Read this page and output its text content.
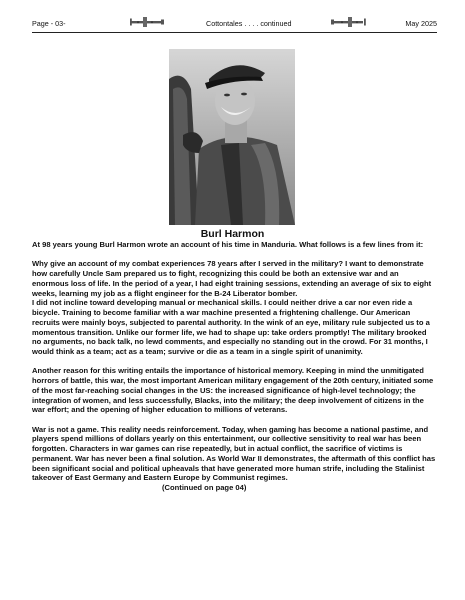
Page - 03-	Cottontales . . . . continued	May 2025
Burl Harmon

At 98 years young Burl Harmon wrote an account of his time in Manduria. What follows is a few lines from it:

Why give an account of my combat experiences 78 years after I served in the military? I want to demonstrate how carefully Uncle Sam prepared us to fight, recognizing this could be both an extensive war and an enormous loss of life. In the period of a year, I had eight training sessions, extending an average of six to eight weeks, learning my job as a flight engineer for the B-24 Liberator bomber.

I did not incline toward developing manual or mechanical skills. I could neither drive a car nor even ride a bicycle. Training to become familiar with a war machine presented a frightening challenge. Our American recruits were mainly boys, subjected to parental authority. In the wink of an eye, military rule subjected us to a momentous transition. Unlike our former life, we had to shape up: take orders promptly! The military brooked no arguments, no back talk, no lewd comments, and especially no standing out in the crowd. For 31 months, I would think as a team; act as a team; survive or die as a team in a single spirit of unanimity.

Another reason for this writing entails the importance of historical memory. Keeping in mind the unmitigated horrors of battle, this war, the most important American military engagement of the 20th century, initiated some of the most far-reaching social changes in the US: the increased significance of high-level technology; the integration of women, and less successfully, Blacks, into the military; the deep involvement of citizens in the war effort; and the opening of higher education to millions of veterans.

War is not a game. This reality needs reinforcement. Today, when gaming has become a national pastime, and players spend millions of dollars yearly on this entertainment, our collective sensitivity to real war has been forgotten. Characters in war games can rise repeatedly, but in actual conflict, the sacrifice of victims is permanent. War has never been a final solution. As World War II demonstrates, the aftermath of this conflict has been significant social and political upheavals that have generated more human strife, including the Stalinist takeover of East Germany and Eastern Europe by Communist regimes. (Continued on page 04)
